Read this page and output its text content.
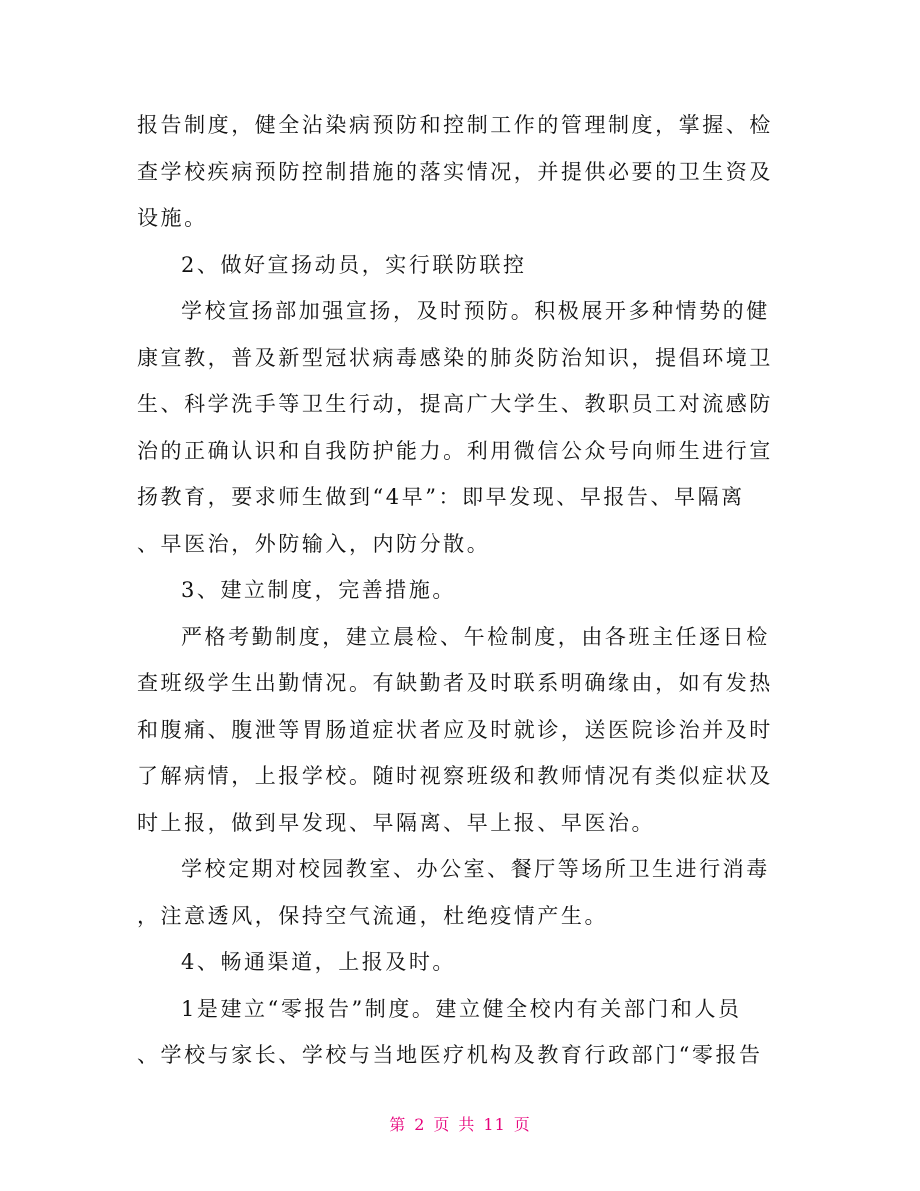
报告制度，健全沾染病预防和控制工作的管理制度，掌握、检
查学校疾病预防控制措施的落实情况，并提供必要的卫生资及
设施。
2、做好宣扬动员，实行联防联控
学校宣扬部加强宣扬，及时预防。积极展开多种情势的健
康宣教，普及新型冠状病毒感染的肺炎防治知识，提倡环境卫
生、科学洗手等卫生行动，提高广大学生、教职员工对流感防
治的正确认识和自我防护能力。利用微信公众号向师生进行宣
扬教育，要求师生做到“4早”：即早发现、早报告、早隔离
、早医治，外防输入，内防分散。
3、建立制度，完善措施。
严格考勤制度，建立晨检、午检制度，由各班主任逐日检
查班级学生出勤情况。有缺勤者及时联系明确缘由，如有发热
和腹痛、腹泄等胃肠道症状者应及时就诊，送医院诊治并及时
了解病情，上报学校。随时视察班级和教师情况有类似症状及
时上报，做到早发现、早隔离、早上报、早医治。
学校定期对校园教室、办公室、餐厅等场所卫生进行消毒
，注意透风，保持空气流通，杜绝疫情产生。
4、畅通渠道，上报及时。
1是建立“零报告”制度。建立健全校内有关部门和人员
、学校与家长、学校与当地医疗机构及教育行政部门“零报告
第 2 页 共 11 页
